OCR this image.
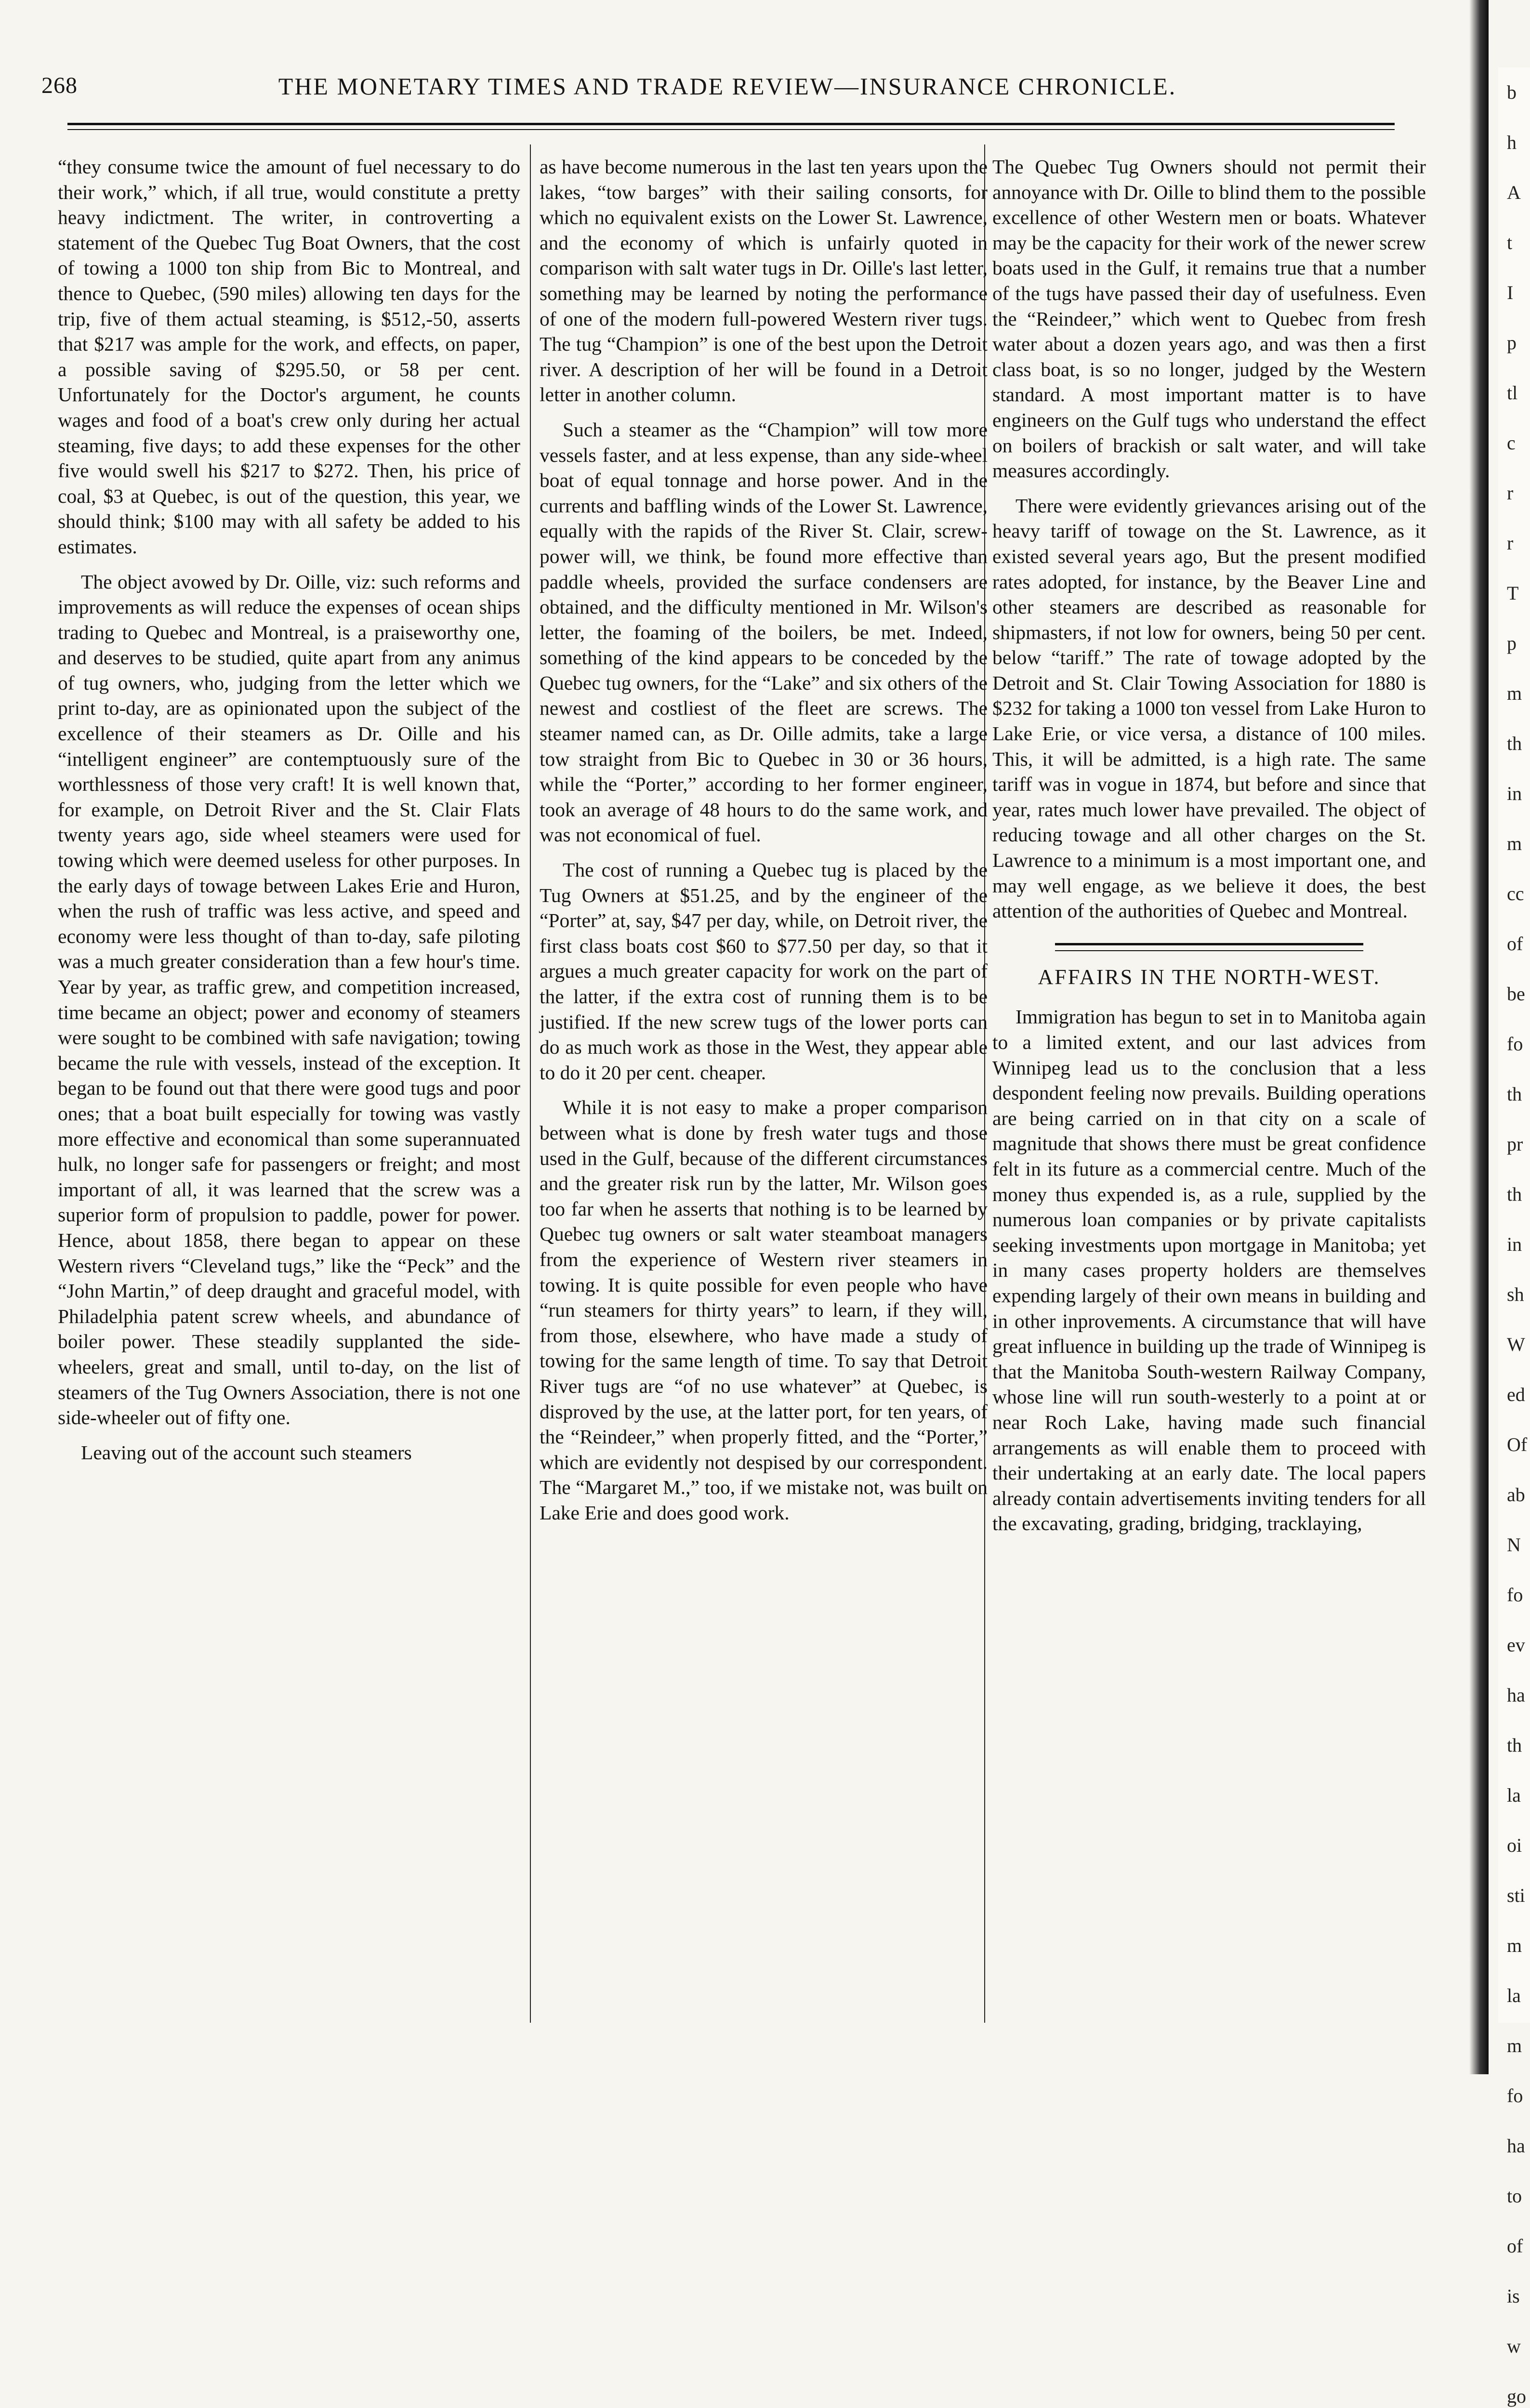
268	THE MONETARY TIMES AND TRADE REVIEW—INSURANCE CHRONICLE.

“they consume twice the amount of fuel necessary to do their work,” which, if all true, would constitute a pretty heavy indictment. The writer, in controverting a statement of the Quebec Tug Boat Owners, that the cost of towing a 1000 ton ship from Bic to Montreal, and thence to Quebec, (590 miles) allowing ten days for the trip, five of them actual steaming, is $512,-50, asserts that $217 was ample for the work, and effects, on paper, a possible saving of $295.50, or 58 per cent. Unfortunately for the Doctor's argument, he counts wages and food of a boat's crew only during her actual steaming, five days; to add these expenses for the other five would swell his $217 to $272. Then, his price of coal, $3 at Quebec, is out of the question, this year, we should think; $100 may with all safety be added to his estimates.

The object avowed by Dr. Oille, viz: such reforms and improvements as will reduce the expenses of ocean ships trading to Quebec and Montreal, is a praiseworthy one, and deserves to be studied, quite apart from any animus of tug owners, who, judging from the letter which we print to-day, are as opinionated upon the subject of the excellence of their steamers as Dr. Oille and his “intelligent engineer” are contemptuously sure of the worthlessness of those very craft! It is well known that, for example, on Detroit River and the St. Clair Flats twenty years ago, side wheel steamers were used for towing which were deemed useless for other purposes. In the early days of towage between Lakes Erie and Huron, when the rush of traffic was less active, and speed and economy were less thought of than to-day, safe piloting was a much greater consideration than a few hour's time. Year by year, as traffic grew, and competition increased, time became an object; power and economy of steamers were sought to be combined with safe navigation; towing became the rule with vessels, instead of the exception. It began to be found out that there were good tugs and poor ones; that a boat built especially for towing was vastly more effective and economical than some superannuated hulk, no longer safe for passengers or freight; and most important of all, it was learned that the screw was a superior form of propulsion to paddle, power for power. Hence, about 1858, there began to appear on these Western rivers “Cleveland tugs,” like the “Peck” and the “John Martin,” of deep draught and graceful model, with Philadelphia patent screw wheels, and abundance of boiler power. These steadily supplanted the side-wheelers, great and small, until to-day, on the list of steamers of the Tug Owners Association, there is not one side-wheeler out of fifty one.

Leaving out of the account such steamers

as have become numerous in the last ten years upon the lakes, “tow barges” with their sailing consorts, for which no equivalent exists on the Lower St. Lawrence, and the economy of which is unfairly quoted in comparison with salt water tugs in Dr. Oille's last letter, something may be learned by noting the performance of one of the modern full-powered Western river tugs. The tug “Champion” is one of the best upon the Detroit river. A description of her will be found in a Detroit letter in another column.

Such a steamer as the “Champion” will tow more vessels faster, and at less expense, than any side-wheel boat of equal tonnage and horse power. And in the currents and baffling winds of the Lower St. Lawrence, equally with the rapids of the River St. Clair, screw-power will, we think, be found more effective than paddle wheels, provided the surface condensers are obtained, and the difficulty mentioned in Mr. Wilson's letter, the foaming of the boilers, be met. Indeed, something of the kind appears to be conceded by the Quebec tug owners, for the “Lake” and six others of the newest and costliest of the fleet are screws. The steamer named can, as Dr. Oille admits, take a large tow straight from Bic to Quebec in 30 or 36 hours, while the “Porter,” according to her former engineer, took an average of 48 hours to do the same work, and was not economical of fuel.

The cost of running a Quebec tug is placed by the Tug Owners at $51.25, and by the engineer of the “Porter” at, say, $47 per day, while, on Detroit river, the first class boats cost $60 to $77.50 per day, so that it argues a much greater capacity for work on the part of the latter, if the extra cost of running them is to be justified. If the new screw tugs of the lower ports can do as much work as those in the West, they appear able to do it 20 per cent. cheaper.

While it is not easy to make a proper comparison between what is done by fresh water tugs and those used in the Gulf, because of the different circumstances and the greater risk run by the latter, Mr. Wilson goes too far when he asserts that nothing is to be learned by Quebec tug owners or salt water steamboat managers from the experience of Western river steamers in towing. It is quite possible for even people who have “run steamers for thirty years” to learn, if they will, from those, elsewhere, who have made a study of towing for the same length of time. To say that Detroit River tugs are “of no use whatever” at Quebec, is disproved by the use, at the latter port, for ten years, of the “Reindeer,” when properly fitted, and the “Porter,” which are evidently not despised by our correspondent. The “Margaret M.,” too, if we mistake not, was built on Lake Erie and does good work.

The Quebec Tug Owners should not permit their annoyance with Dr. Oille to blind them to the possible excellence of other Western men or boats. Whatever may be the capacity for their work of the newer screw boats used in the Gulf, it remains true that a number of the tugs have passed their day of usefulness. Even the “Reindeer,” which went to Quebec from fresh water about a dozen years ago, and was then a first class boat, is so no longer, judged by the Western standard. A most important matter is to have engineers on the Gulf tugs who understand the effect on boilers of brackish or salt water, and will take measures accordingly.

There were evidently grievances arising out of the heavy tariff of towage on the St. Lawrence, as it existed several years ago, But the present modified rates adopted, for instance, by the Beaver Line and other steamers are described as reasonable for shipmasters, if not low for owners, being 50 per cent. below “tariff.” The rate of towage adopted by the Detroit and St. Clair Towing Association for 1880 is $232 for taking a 1000 ton vessel from Lake Huron to Lake Erie, or vice versa, a distance of 100 miles. This, it will be admitted, is a high rate. The same tariff was in vogue in 1874, but before and since that year, rates much lower have prevailed. The object of reducing towage and all other charges on the St. Lawrence to a minimum is a most important one, and may well engage, as we believe it does, the best attention of the authorities of Quebec and Montreal.

AFFAIRS IN THE NORTH-WEST.

Immigration has begun to set in to Manitoba again to a limited extent, and our last advices from Winnipeg lead us to the conclusion that a less despondent feeling now prevails. Building operations are being carried on in that city on a scale of magnitude that shows there must be great confidence felt in its future as a commercial centre. Much of the money thus expended is, as a rule, supplied by the numerous loan companies or by private capitalists seeking investments upon mortgage in Manitoba; yet in many cases property holders are themselves expending largely of their own means in building and in other inprovements. A circumstance that will have great influence in building up the trade of Winnipeg is that the Manitoba South-western Railway Company, whose line will run south-westerly to a point at or near Roch Lake, having made such financial arrangements as will enable them to proceed with their undertaking at an early date. The local papers already contain advertisements inviting tenders for all the excavating, grading, bridging, tracklaying,

b
h
A
t
I
p
tl
c
r
r
T
p
m
th
in
m
cc
of
be
fo
th
pr
th
in
sh
W
ed
Of
ab
N
fo
ev
ha
th
la
oi
sti
m
la
m
fo
ha
to
of
is
w
go
